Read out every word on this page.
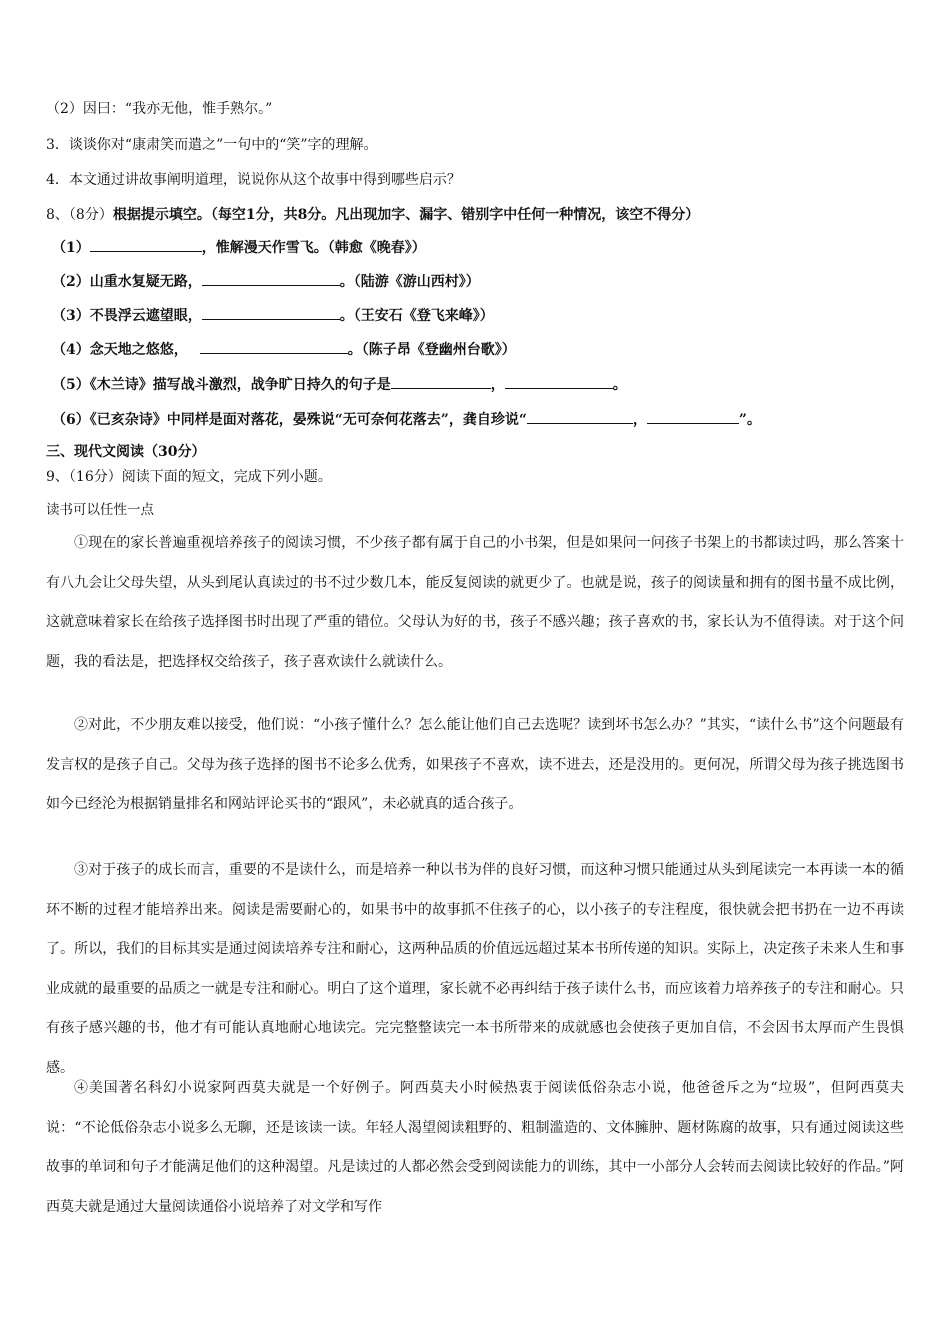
（2）因曰：“我亦无他，惟手熟尔。”
3．谈谈你对“康肃笑而遣之”一句中的“笑”字的理解。
4．本文通过讲故事阐明道理，说说你从这个故事中得到哪些启示？
8、（8分）根据提示填空。（每空1分，共8分。凡出现加字、漏字、错别字中任何一种情况，该空不得分）
（1）	，惟解漫天作雪飞。（韩愈《晚春》）
（2）山重水复疑无路，	。（陆游《游山西村》）
（3）不畏浮云遮望眼，	。（王安石《登飞来峰》）
（4）念天地之悠悠，	。（陈子昂《登幽州台歌》）
（5）《木兰诗》描写战斗激烈，战争旷日持久的句子是	，	。
（6）《已亥杂诗》中同样是面对落花，晏殊说“无可奈何花落去”，龚自珍说“	，	”。
三、现代文阅读（30分）
9、（16分）阅读下面的短文，完成下列小题。
读书可以任性一点
①现在的家长普遍重视培养孩子的阅读习惯，不少孩子都有属于自己的小书架，但是如果问一问孩子书架上的书都读过吗，那么答案十有八九会让父母失望，从头到尾认真读过的书不过少数几本，能反复阅读的就更少了。也就是说，孩子的阅读量和拥有的图书量不成比例，这就意味着家长在给孩子选择图书时出现了严重的错位。父母认为好的书，孩子不感兴趣；孩子喜欢的书，家长认为不值得读。对于这个问题，我的看法是，把选择权交给孩子，孩子喜欢读什么就读什么。
②对此，不少朋友难以接受，他们说：“小孩子懂什么？怎么能让他们自己去选呢？读到坏书怎么办？”其实，“读什么书”这个问题最有发言权的是孩子自己。父母为孩子选择的图书不论多么优秀，如果孩子不喜欢，读不进去，还是没用的。更何况，所谓父母为孩子挑选图书如今已经沦为根据销量排名和网站评论买书的“跟风”，未必就真的适合孩子。
③对于孩子的成长而言，重要的不是读什么，而是培养一种以书为伴的良好习惯，而这种习惯只能通过从头到尾读完一本再读一本的循环不断的过程才能培养出来。阅读是需要耐心的，如果书中的故事抓不住孩子的心，以小孩子的专注程度，很快就会把书扔在一边不再读了。所以，我们的目标其实是通过阅读培养专注和耐心，这两种品质的价值远远超过某本书所传递的知识。实际上，决定孩子未来人生和事业成就的最重要的品质之一就是专注和耐心。明白了这个道理，家长就不必再纠结于孩子读什么书，而应该着力培养孩子的专注和耐心。只有孩子感兴趣的书，他才有可能认真地耐心地读完。完完整整读完一本书所带来的成就感也会使孩子更加自信，不会因书太厚而产生畏惧感。
④美国著名科幻小说家阿西莫夫就是一个好例子。阿西莫夫小时候热衷于阅读低俗杂志小说，他爸爸斥之为“垃圾”，但阿西莫夫说：“不论低俗杂志小说多么无聊，还是该读一读。年轻人渴望阅读粗野的、粗制滥造的、文体臃肿、题材陈腐的故事，只有通过阅读这些故事的单词和句子才能满足他们的这种渴望。凡是读过的人都必然会受到阅读能力的训练，其中一小部分人会转而去阅读比较好的作品。”阿西莫夫就是通过大量阅读通俗小说培养了对文学和写作
